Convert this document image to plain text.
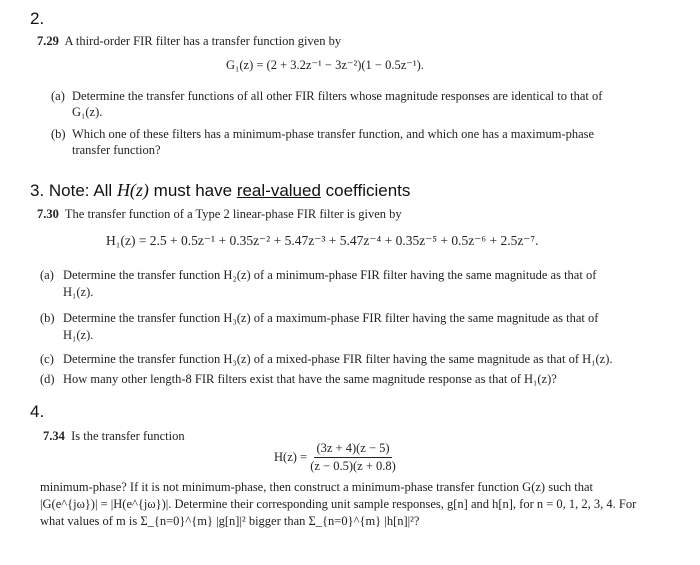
2.
7.29 A third-order FIR filter has a transfer function given by
G₁(z) = (2 + 3.2z⁻¹ − 3z⁻²)(1 − 0.5z⁻¹).
(a) Determine the transfer functions of all other FIR filters whose magnitude responses are identical to that of
G₁(z).
(b) Which one of these filters has a minimum-phase transfer function, and which one has a maximum-phase
transfer function?
3. Note: All H(z) must have real-valued coefficients
7.30 The transfer function of a Type 2 linear-phase FIR filter is given by
H₁(z) = 2.5 + 0.5z⁻¹ + 0.35z⁻² + 5.47z⁻³ + 5.47z⁻⁴ + 0.35z⁻⁵ + 0.5z⁻⁶ + 2.5z⁻⁷.
(a) Determine the transfer function H₂(z) of a minimum-phase FIR filter having the same magnitude as that of
H₁(z).
(b) Determine the transfer function H₃(z) of a maximum-phase FIR filter having the same magnitude as that of
H₁(z).
(c) Determine the transfer function H₃(z) of a mixed-phase FIR filter having the same magnitude as that of H₁(z).
(d) How many other length-8 FIR filters exist that have the same magnitude response as that of H₁(z)?
4.
7.34 Is the transfer function
$H(z) = \frac{(3z + 4)(z - 5)}{(z - 0.5)(z + 0.8)}$
minimum-phase? If it is not minimum-phase, then construct a minimum-phase transfer function G(z) such that
|G(e^{jω})| = |H(e^{jω})|. Determine their corresponding unit sample responses, g[n] and h[n], for n = 0, 1, 2, 3, 4. For
what values of m is Σ_{n=0}^{m} |g[n]|² bigger than Σ_{n=0}^{m} |h[n]|²?
